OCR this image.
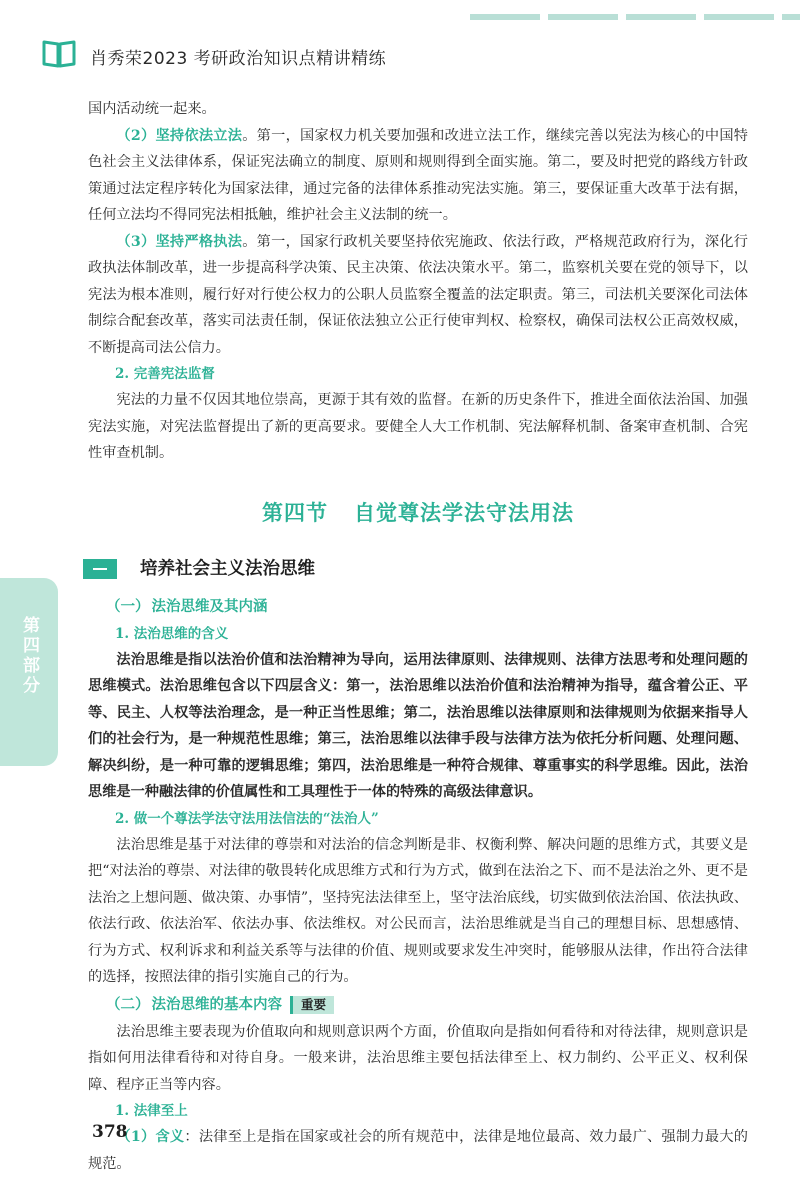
肖秀荣2023 考研政治知识点精讲精练
第四部分

国内活动统一起来。

（2）坚持依法立法。第一，国家权力机关要加强和改进立法工作，继续完善以宪法为核心的中国特色社会主义法律体系，保证宪法确立的制度、原则和规则得到全面实施。第二，要及时把党的路线方针政策通过法定程序转化为国家法律，通过完备的法律体系推动宪法实施。第三，要保证重大改革于法有据，任何立法均不得同宪法相抵触，维护社会主义法制的统一。

（3）坚持严格执法。第一，国家行政机关要坚持依宪施政、依法行政，严格规范政府行为，深化行政执法体制改革，进一步提高科学决策、民主决策、依法决策水平。第二，监察机关要在党的领导下，以宪法为根本准则，履行好对行使公权力的公职人员监察全覆盖的法定职责。第三，司法机关要深化司法体制综合配套改革，落实司法责任制，保证依法独立公正行使审判权、检察权，确保司法权公正高效权威，不断提高司法公信力。

2. 完善宪法监督

宪法的力量不仅因其地位崇高，更源于其有效的监督。在新的历史条件下，推进全面依法治国、加强宪法实施，对宪法监督提出了新的更高要求。要健全人大工作机制、宪法解释机制、备案审查机制、合宪性审查机制。

第四节 自觉尊法学法守法用法
培养社会主义法治思维
（一） 法治思维及其内涵
1. 法治思维的含义

法治思维是指以法治价值和法治精神为导向，运用法律原则、法律规则、法律方法思考和处理问题的思维模式。法治思维包含以下四层含义：第一，法治思维以法治价值和法治精神为指导，蕴含着公正、平等、民主、人权等法治理念，是一种正当性思维；第二，法治思维以法律原则和法律规则为依据来指导人们的社会行为，是一种规范性思维；第三，法治思维以法律手段与法律方法为依托分析问题、处理问题、解决纠纷，是一种可靠的逻辑思维；第四，法治思维是一种符合规律、尊重事实的科学思维。因此，法治思维是一种融法律的价值属性和工具理性于一体的特殊的高级法律意识。

2. 做一个尊法学法守法用法信法的“法治人”

法治思维是基于对法律的尊崇和对法治的信念判断是非、权衡利弊、解决问题的思维方式，其要义是把“对法治的尊崇、对法律的敬畏转化成思维方式和行为方式，做到在法治之下、而不是法治之外、更不是法治之上想问题、做决策、办事情”，坚持宪法法律至上，坚守法治底线，切实做到依法治国、依法执政、依法行政、依法治军、依法办事、依法维权。对公民而言，法治思维就是当自己的理想目标、思想感情、行为方式、权利诉求和利益关系等与法律的价值、规则或要求发生冲突时，能够服从法律，作出符合法律的选择，按照法律的指引实施自己的行为。

（二） 法治思维的基本内容 重要

法治思维主要表现为价值取向和规则意识两个方面，价值取向是指如何看待和对待法律，规则意识是指如何用法律看待和对待自身。一般来讲，法治思维主要包括法律至上、权力制约、公平正义、权利保障、程序正当等内容。

1. 法律至上

（1）含义：法律至上是指在国家或社会的所有规范中，法律是地位最高、效力最广、强制力最大的规范。

378
